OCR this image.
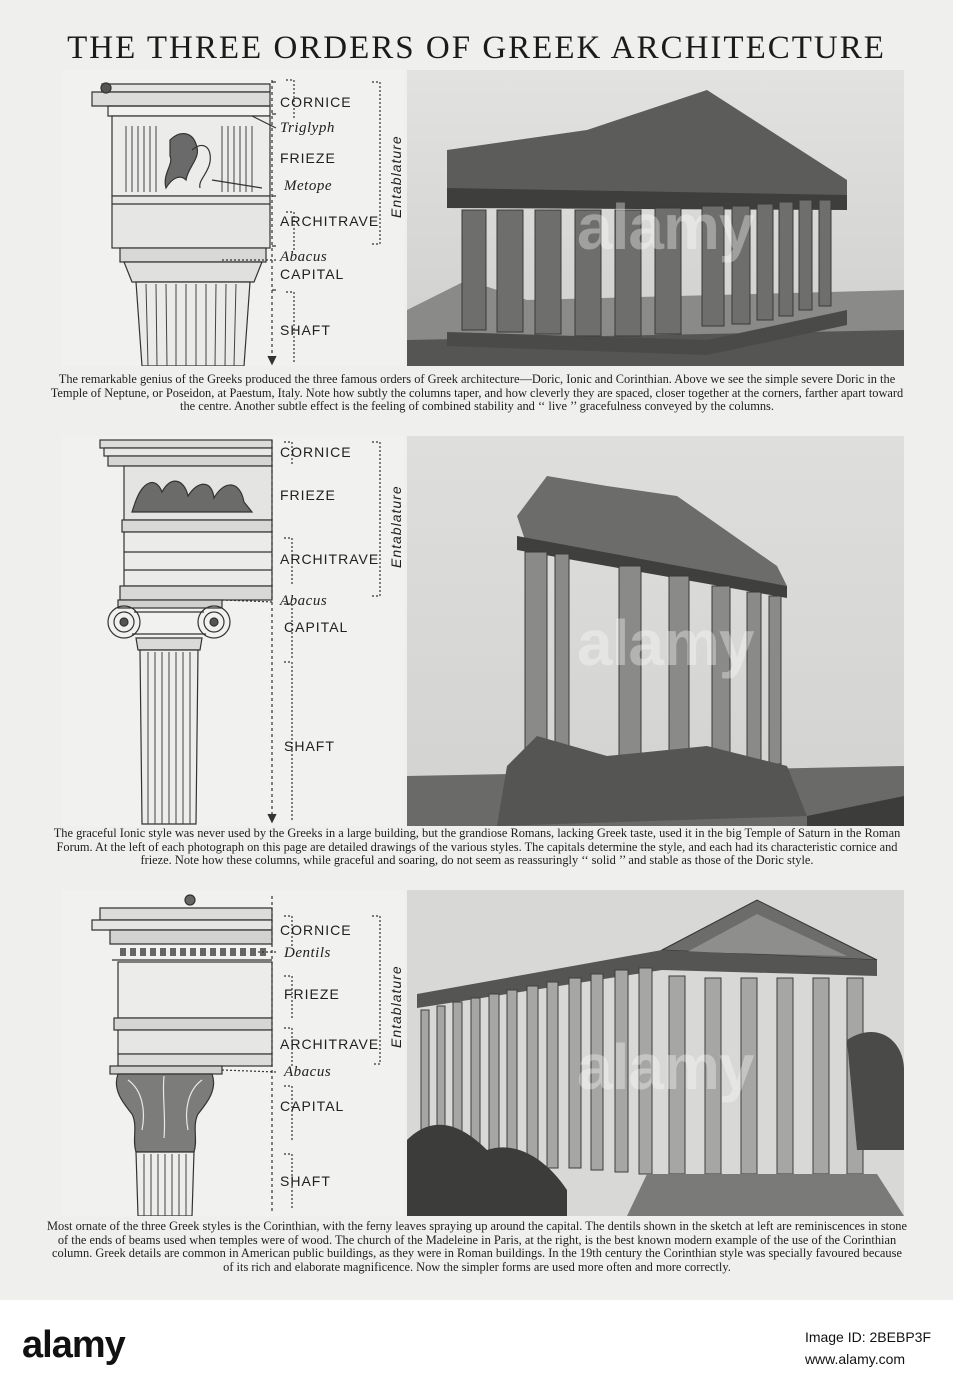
THE THREE ORDERS OF GREEK ARCHITECTURE
CORNICE
Triglyph
FRIEZE
Metope
ARCHITRAVE
Abacus
CAPITAL
SHAFT
Entablature
alamy
The remarkable genius of the Greeks produced the three famous orders of Greek architecture—Doric, Ionic and Corinthian. Above we see the simple severe Doric in the Temple of Neptune, or Poseidon, at Paestum, Italy. Note how subtly the columns taper, and how cleverly they are spaced, closer together at the corners, farther apart toward the centre. Another subtle effect is the feeling of combined stability and ‘‘ live ’’ gracefulness conveyed by the columns.
CORNICE
FRIEZE
ARCHITRAVE
Abacus
CAPITAL
SHAFT
Entablature
alamy
The graceful Ionic style was never used by the Greeks in a large building, but the grandiose Romans, lacking Greek taste, used it in the big Temple of Saturn in the Roman Forum. At the left of each photograph on this page are detailed drawings of the various styles. The capitals determine the style, and each had its characteristic cornice and frieze. Note how these columns, while graceful and soaring, do not seem as reassuringly ‘‘ solid ’’ and stable as those of the Doric style.
CORNICE
Dentils
FRIEZE
ARCHITRAVE
Abacus
CAPITAL
SHAFT
Entablature
alamy
Most ornate of the three Greek styles is the Corinthian, with the ferny leaves spraying up around the capital. The dentils shown in the sketch at left are reminiscences in stone of the ends of beams used when temples were of wood. The church of the Madeleine in Paris, at the right, is the best known modern example of the use of the Corinthian column. Greek details are common in American public buildings, as they were in Roman buildings. In the 19th century the Corinthian style was specially favoured because of its rich and elaborate magnificence. Now the simpler forms are used more often and more correctly.
alamy	Image ID: 2BEBP3F
www.alamy.com
